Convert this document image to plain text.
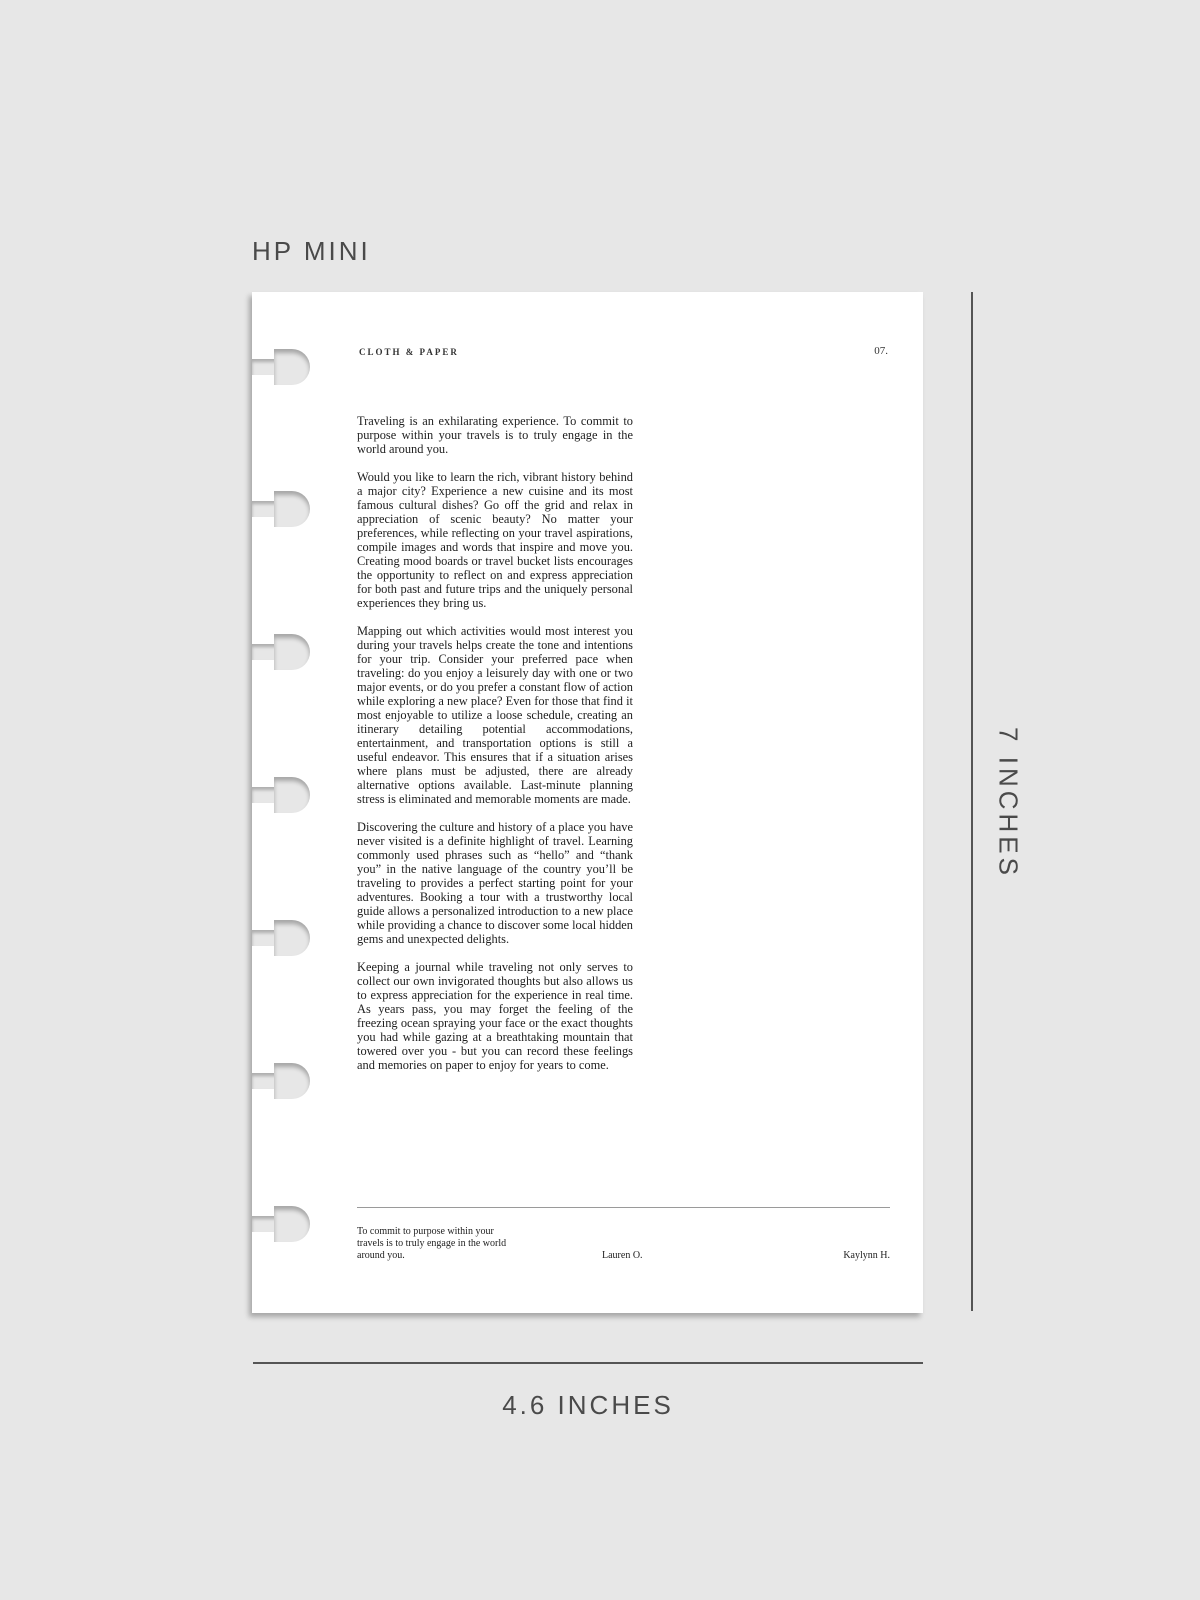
HP MINI
CLOTH & PAPER	07.

Traveling is an exhilarating experience. To commit to purpose within your travels is to truly engage in the world around you.

Would you like to learn the rich, vibrant history behind a major city? Experience a new cuisine and its most famous cultural dishes? Go off the grid and relax in appreciation of scenic beauty? No matter your preferences, while reflecting on your travel aspirations, compile images and words that inspire and move you. Creating mood boards or travel bucket lists encourages the opportunity to reflect on and express appreciation for both past and future trips and the uniquely personal experiences they bring us.

Mapping out which activities would most interest you during your travels helps create the tone and intentions for your trip. Consider your preferred pace when traveling: do you enjoy a leisurely day with one or two major events, or do you prefer a constant flow of action while exploring a new place? Even for those that find it most enjoyable to utilize a loose schedule, creating an itinerary detailing potential accommodations, entertainment, and transportation options is still a useful endeavor. This ensures that if a situation arises where plans must be adjusted, there are already alternative options available. Last-minute planning stress is eliminated and memorable moments are made.

Discovering the culture and history of a place you have never visited is a definite highlight of travel. Learning commonly used phrases such as “hello” and “thank you” in the native language of the country you’ll be traveling to provides a perfect starting point for your adventures. Booking a tour with a trustworthy local guide allows a personalized introduction to a new place while providing a chance to discover some local hidden gems and unexpected delights.

Keeping a journal while traveling not only serves to collect our own invigorated thoughts but also allows us to express appreciation for the experience in real time. As years pass, you may forget the feeling of the freezing ocean spraying your face or the exact thoughts you had while gazing at a breathtaking mountain that towered over you - but you can record these feelings and memories on paper to enjoy for years to come.

To commit to purpose within your travels is to truly engage in the world around you.	Lauren O.	Kaylynn H.
7 INCHES
4.6 INCHES
